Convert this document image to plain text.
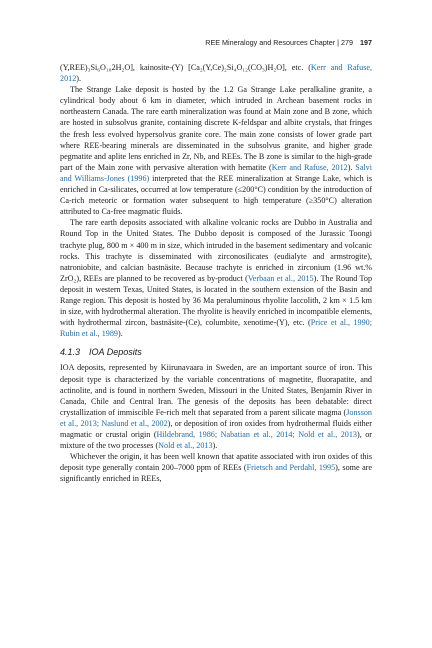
REE Mineralogy and Resources Chapter | 279 197

(Y,REE)₃Si₆O₁₈2H₂O], kainosite-(Y) [Ca₂(Y,Ce)₂Si₄O₁₂(CO₃)H₂O], etc. (Kerr and Rafuse, 2012).

The Strange Lake deposit is hosted by the 1.2 Ga Strange Lake peralkaline granite, a cylindrical body about 6 km in diameter, which intruded in Archean basement rocks in northeastern Canada. The rare earth mineralization was found at Main zone and B zone, which are hosted in subsolvus granite, containing discrete K-feldspar and albite crystals, that fringes the fresh less evolved hypersolvus granite core. The main zone consists of lower grade part where REE-bearing minerals are disseminated in the subsolvus granite, and higher grade pegmatite and aplite lens enriched in Zr, Nb, and REEs. The B zone is similar to the high-grade part of the Main zone with pervasive alteration with hematite (Kerr and Rafuse, 2012). Salvi and Williams-Jones (1996) interpreted that the REE mineralization at Strange Lake, which is enriched in Ca-silicates, occurred at low temperature (≤200°C) condition by the introduction of Ca-rich meteoric or formation water subsequent to high temperature (≥350°C) alteration attributed to Ca-free magmatic fluids.

The rare earth deposits associated with alkaline volcanic rocks are Dubbo in Australia and Round Top in the United States. The Dubbo deposit is composed of the Jurassic Toongi trachyte plug, 800 m × 400 m in size, which intruded in the basement sedimentary and volcanic rocks. This trachyte is disseminated with zirconosilicates (eudialyte and armstrogite), natroniobite, and calcian bastnäsite. Because trachyte is enriched in zirconium (1.96 wt.% ZrO₂), REEs are planned to be recovered as by-product (Verbaan et al., 2015). The Round Top deposit in western Texas, United States, is located in the southern extension of the Basin and Range region. This deposit is hosted by 36 Ma peraluminous rhyolite laccolith, 2 km × 1.5 km in size, with hydrothermal alteration. The rhyolite is heavily enriched in incompatible elements, with hydrothermal zircon, bastnäsite-(Ce), columbite, xenotime-(Y), etc. (Price et al., 1990; Rubin et al., 1989).

4.1.3 IOA Deposits

IOA deposits, represented by Kiirunavaara in Sweden, are an important source of iron. This deposit type is characterized by the variable concentrations of magnetite, fluorapatite, and actinolite, and is found in northern Sweden, Missouri in the United States, Benjamin River in Canada, Chile and Central Iran. The genesis of the deposits has been debatable: direct crystallization of immiscible Fe-rich melt that separated from a parent silicate magma (Jonsson et al., 2013; Naslund et al., 2002), or deposition of iron oxides from hydrothermal fluids either magmatic or crustal origin (Hildebrand, 1986; Nabatian et al., 2014; Nold et al., 2013), or mixture of the two processes (Nold et al., 2013).

Whichever the origin, it has been well known that apatite associated with iron oxides of this deposit type generally contain 200–7000 ppm of REEs (Frietsch and Perdahl, 1995), some are significantly enriched in REEs,
